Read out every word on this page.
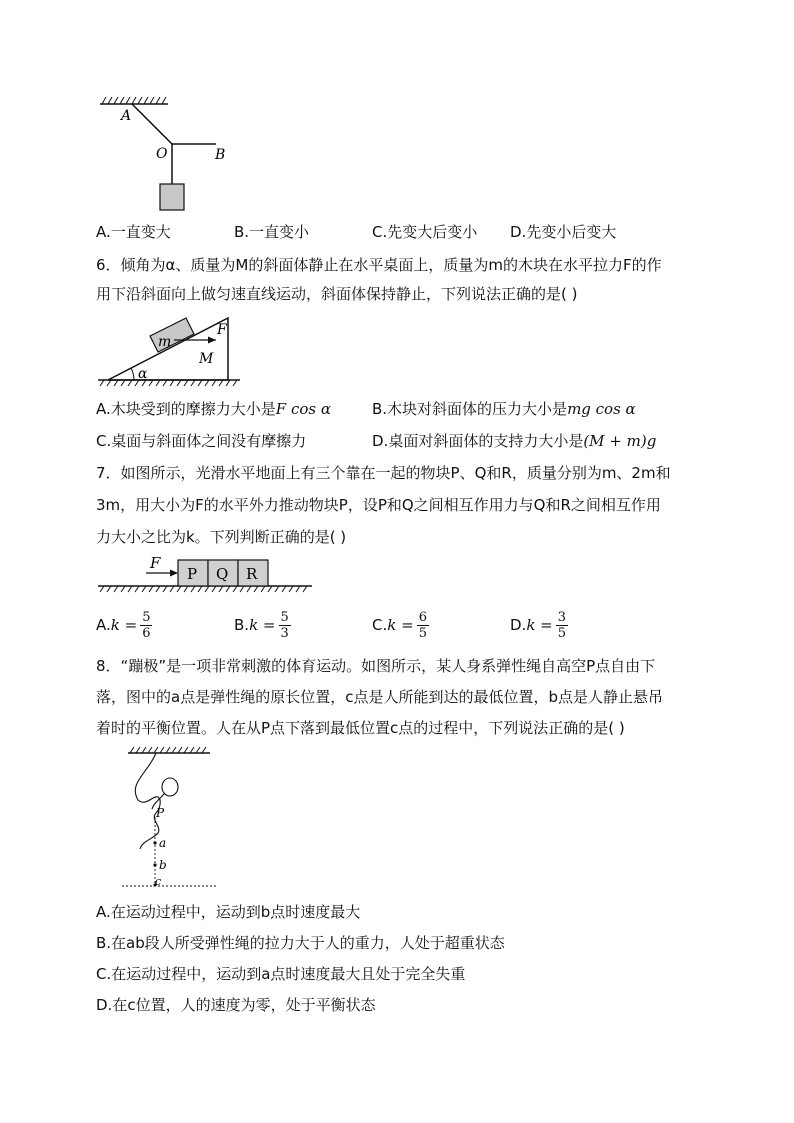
A
O	B
A.一直变大	B.一直变小	C.先变大后变小 D.先变小后变大
6．倾角为α、质量为M的斜面体静止在水平桌面上，质量为m的木块在水平拉力F的作
用下沿斜面向上做匀速直线运动，斜面体保持静止，下列说法正确的是( )
m
F
M
α
A.木块受到的摩擦力大小是F cos α	B.木块对斜面体的压力大小是mg cos α
C.桌面与斜面体之间没有摩擦力	D.桌面对斜面体的支持力大小是(M + m)g
7．如图所示，光滑水平地面上有三个靠在一起的物块P、Q和R，质量分别为m、2m和
3m，用大小为F的水平外力推动物块P，设P和Q之间相互作用力与Q和R之间相互作用
力大小之比为k。下列判断正确的是( )
F
P Q R
$A.k = \frac{5}{6}$	$B.k = \frac{5}{3}$	$C.k = \frac{6}{5}$	$D.k = \frac{3}{5}$
8．“蹦极”是一项非常刺激的体育运动。如图所示，某人身系弹性绳自高空P点自由下
落，图中的a点是弹性绳的原长位置，c点是人所能到达的最低位置，b点是人静止悬吊
着时的平衡位置。人在从P点下落到最低位置c点的过程中，下列说法正确的是( )
P
a
b
c
A.在运动过程中，运动到b点时速度最大
B.在ab段人所受弹性绳的拉力大于人的重力，人处于超重状态
C.在运动过程中，运动到a点时速度最大且处于完全失重
D.在c位置，人的速度为零，处于平衡状态
